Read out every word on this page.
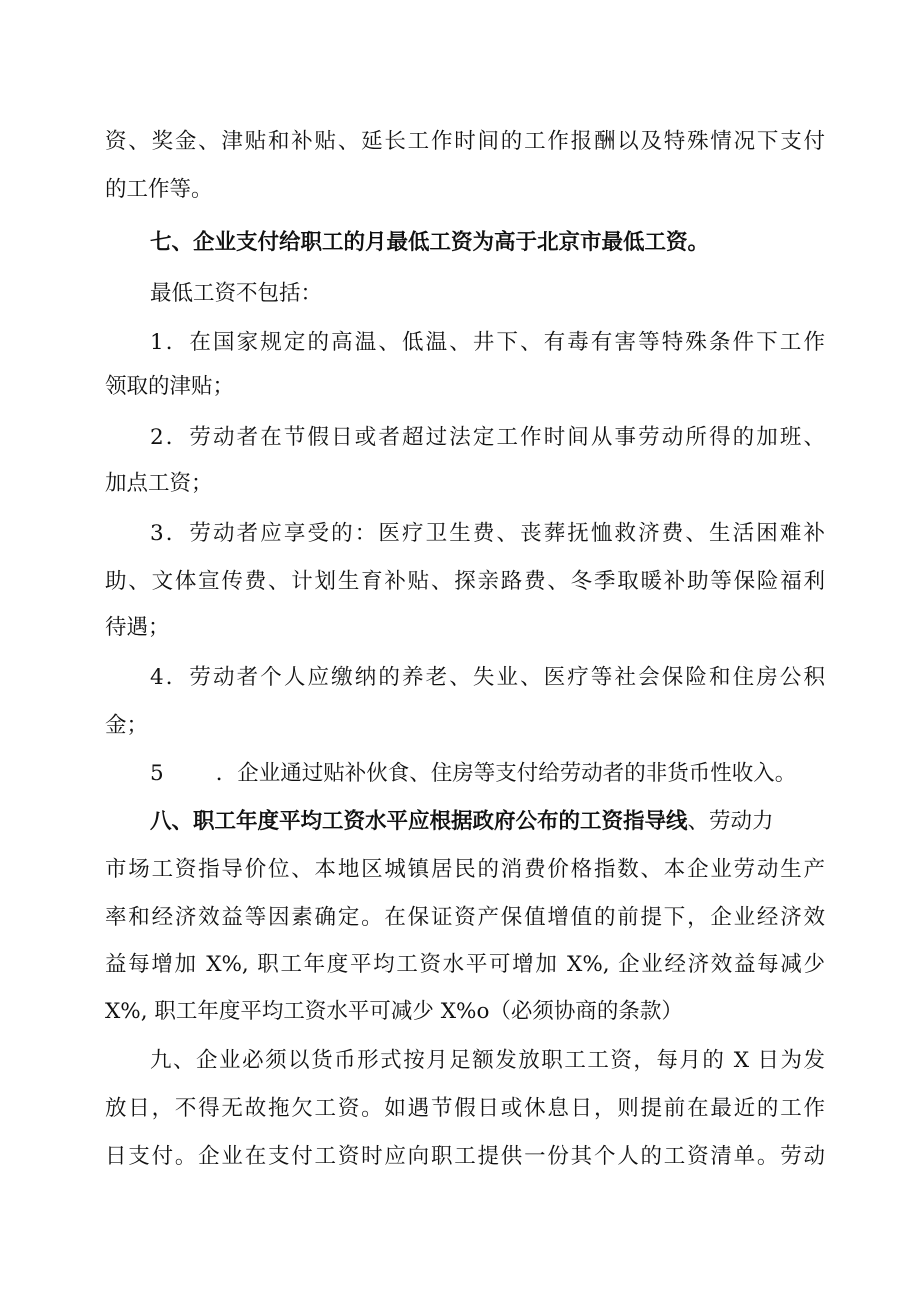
资、奖金、津贴和补贴、延长工作时间的工作报酬以及特殊情况下支付
的工作等。
七、企业支付给职工的月最低工资为高于北京市最低工资。
最低工资不包括：
1．在国家规定的高温、低温、井下、有毒有害等特殊条件下工作
领取的津贴；
2．劳动者在节假日或者超过法定工作时间从事劳动所得的加班、
加点工资；
3．劳动者应享受的：医疗卫生费、丧葬抚恤救济费、生活困难补
助、文体宣传费、计划生育补贴、探亲路费、冬季取暖补助等保险福利
待遇；
4．劳动者个人应缴纳的养老、失业、医疗等社会保险和住房公积
金；
5 ．企业通过贴补伙食、住房等支付给劳动者的非货币性收入。
八、职工年度平均工资水平应根据政府公布的工资指导线、劳动力
市场工资指导价位、本地区城镇居民的消费价格指数、本企业劳动生产
率和经济效益等因素确定。在保证资产保值增值的前提下，企业经济效
益每增加 X%, 职工年度平均工资水平可增加 X%, 企业经济效益每减少
X%, 职工年度平均工资水平可减少 X%o（必须协商的条款）
九、企业必须以货币形式按月足额发放职工工资，每月的 X 日为发
放日，不得无故拖欠工资。如遇节假日或休息日，则提前在最近的工作
日支付。企业在支付工资时应向职工提供一份其个人的工资清单。劳动
